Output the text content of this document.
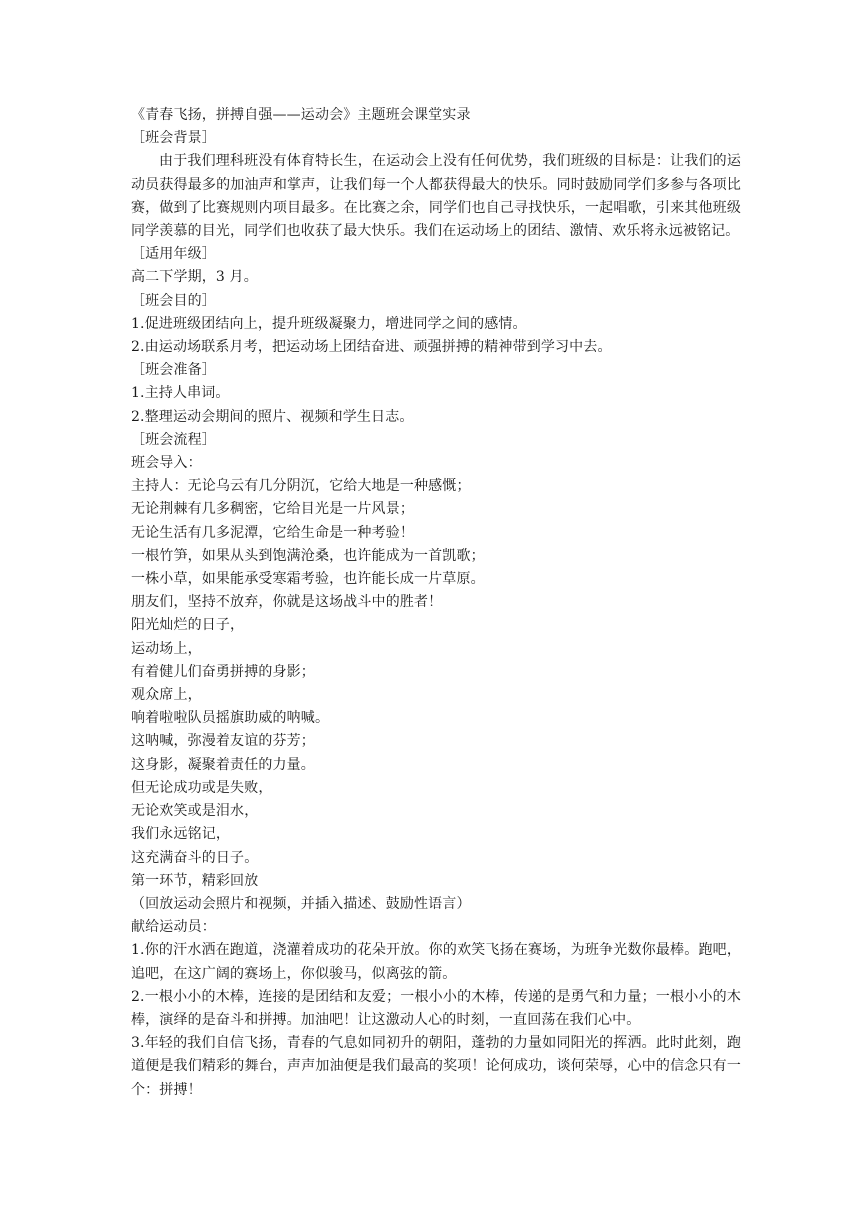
《青春飞扬，拼搏自强——运动会》主题班会课堂实录
［班会背景］
由于我们理科班没有体育特长生，在运动会上没有任何优势，我们班级的目标是：让我们的运动员获得最多的加油声和掌声，让我们每一个人都获得最大的快乐。同时鼓励同学们多参与各项比赛，做到了比赛规则内项目最多。在比赛之余，同学们也自己寻找快乐，一起唱歌，引来其他班级同学羡慕的目光，同学们也收获了最大快乐。我们在运动场上的团结、激情、欢乐将永远被铭记。
［适用年级］
高二下学期，3 月。
［班会目的］
1.促进班级团结向上，提升班级凝聚力，增进同学之间的感情。
2.由运动场联系月考，把运动场上团结奋进、顽强拼搏的精神带到学习中去。
［班会准备］
1.主持人串词。
2.整理运动会期间的照片、视频和学生日志。
［班会流程］
班会导入：
主持人：无论乌云有几分阴沉，它给大地是一种感慨；
无论荆棘有几多稠密，它给目光是一片风景；
无论生活有几多泥潭，它给生命是一种考验！
一根竹笋，如果从头到饱满沧桑，也许能成为一首凯歌；
一株小草，如果能承受寒霜考验，也许能长成一片草原。
朋友们，坚持不放弃，你就是这场战斗中的胜者！
阳光灿烂的日子，
运动场上，
有着健儿们奋勇拼搏的身影；
观众席上，
响着啦啦队员摇旗助威的呐喊。
这呐喊，弥漫着友谊的芬芳；
这身影，凝聚着责任的力量。
但无论成功或是失败，
无论欢笑或是泪水，
我们永远铭记，
这充满奋斗的日子。
第一环节，精彩回放
（回放运动会照片和视频，并插入描述、鼓励性语言）
献给运动员：
1.你的汗水洒在跑道，浇灌着成功的花朵开放。你的欢笑飞扬在赛场，为班争光数你最棒。跑吧，追吧，在这广阔的赛场上，你似骏马，似离弦的箭。
2.一根小小的木棒，连接的是团结和友爱；一根小小的木棒，传递的是勇气和力量；一根小小的木棒，演绎的是奋斗和拼搏。加油吧！让这激动人心的时刻，一直回荡在我们心中。
3.年轻的我们自信飞扬，青春的气息如同初升的朝阳，蓬勃的力量如同阳光的挥洒。此时此刻，跑道便是我们精彩的舞台，声声加油便是我们最高的奖项！论何成功，谈何荣辱，心中的信念只有一个：拼搏！
